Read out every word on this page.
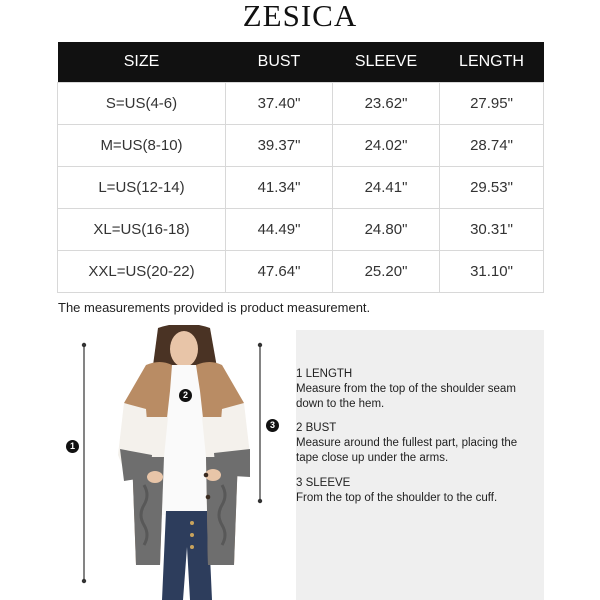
ZESICA
SIZE	BUST	SLEEVE	LENGTH
S=US(4-6)	37.40"	23.62"	27.95"
M=US(8-10)	39.37"	24.02"	28.74"
L=US(12-14)	41.34"	24.41"	29.53"
XL=US(16-18)	44.49"	24.80"	30.31"
XXL=US(20-22)	47.64"	25.20"	31.10"
The measurements provided is product measurement.
1
2
3
1 LENGTH
Measure from the top of the shoulder seam down to the hem.
2 BUST
Measure around the fullest part, placing the tape close up under the arms.
3 SLEEVE
From the top of the shoulder to the cuff.
